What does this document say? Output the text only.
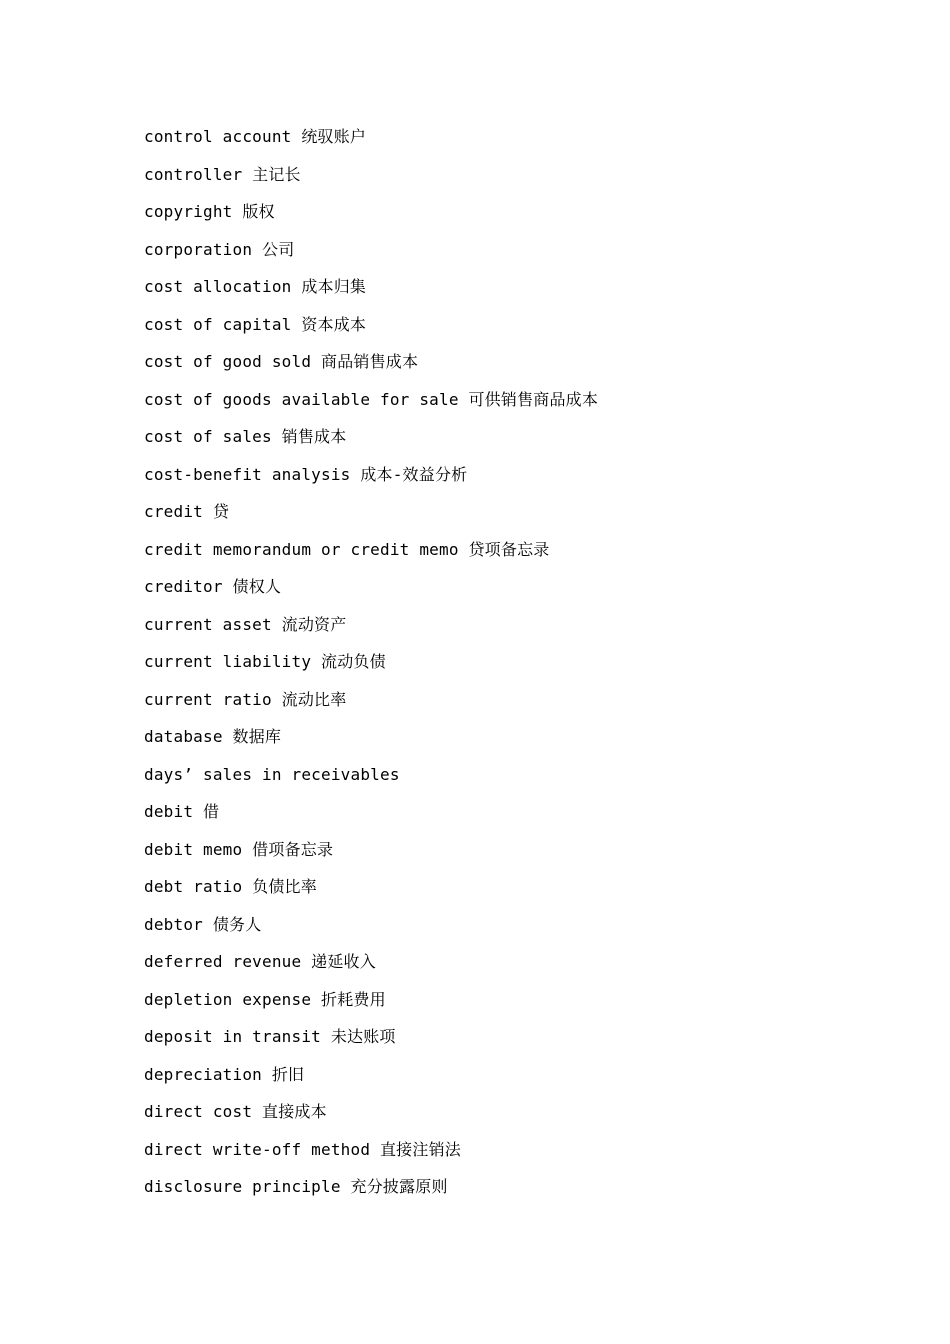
control account 统驭账户
controller 主记长
copyright 版权
corporation 公司
cost allocation 成本归集
cost of capital 资本成本
cost of good sold 商品销售成本
cost of goods available for sale 可供销售商品成本
cost of sales 销售成本
cost-benefit analysis 成本-效益分析
credit 贷
credit memorandum or credit memo 贷项备忘录
creditor 债权人
current asset 流动资产
current liability 流动负债
current ratio 流动比率
database 数据库
days’ sales in receivables
debit 借
debit memo 借项备忘录
debt ratio 负债比率
debtor 债务人
deferred revenue 递延收入
depletion expense 折耗费用
deposit in transit 未达账项
depreciation 折旧
direct cost 直接成本
direct write-off method 直接注销法
disclosure principle 充分披露原则
